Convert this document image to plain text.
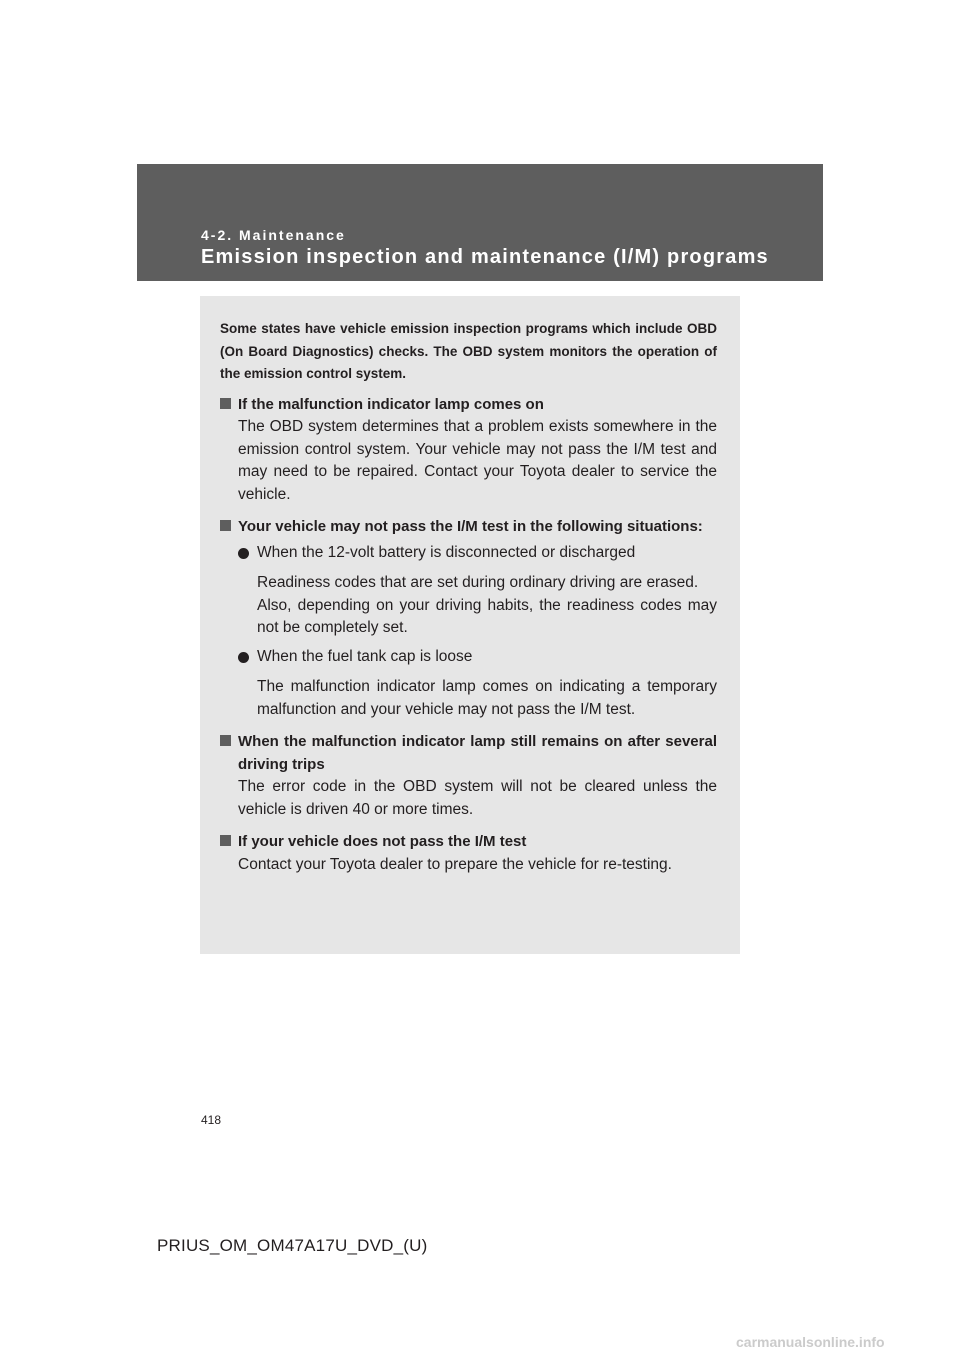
4-2. Maintenance
Emission inspection and maintenance (I/M) programs

Some states have vehicle emission inspection programs which include OBD (On Board Diagnostics) checks. The OBD system monitors the operation of the emission control system.

If the malfunction indicator lamp comes on

The OBD system determines that a problem exists somewhere in the emission control system. Your vehicle may not pass the I/M test and may need to be repaired. Contact your Toyota dealer to service the vehicle.

Your vehicle may not pass the I/M test in the following situations:

When the 12-volt battery is disconnected or discharged

Readiness codes that are set during ordinary driving are erased.

Also, depending on your driving habits, the readiness codes may not be completely set.

When the fuel tank cap is loose

The malfunction indicator lamp comes on indicating a temporary malfunction and your vehicle may not pass the I/M test.

When the malfunction indicator lamp still remains on after several driving trips

The error code in the OBD system will not be cleared unless the vehicle is driven 40 or more times.

If your vehicle does not pass the I/M test

Contact your Toyota dealer to prepare the vehicle for re-testing.

418
PRIUS_OM_OM47A17U_DVD_(U)
carmanualsonline.info
